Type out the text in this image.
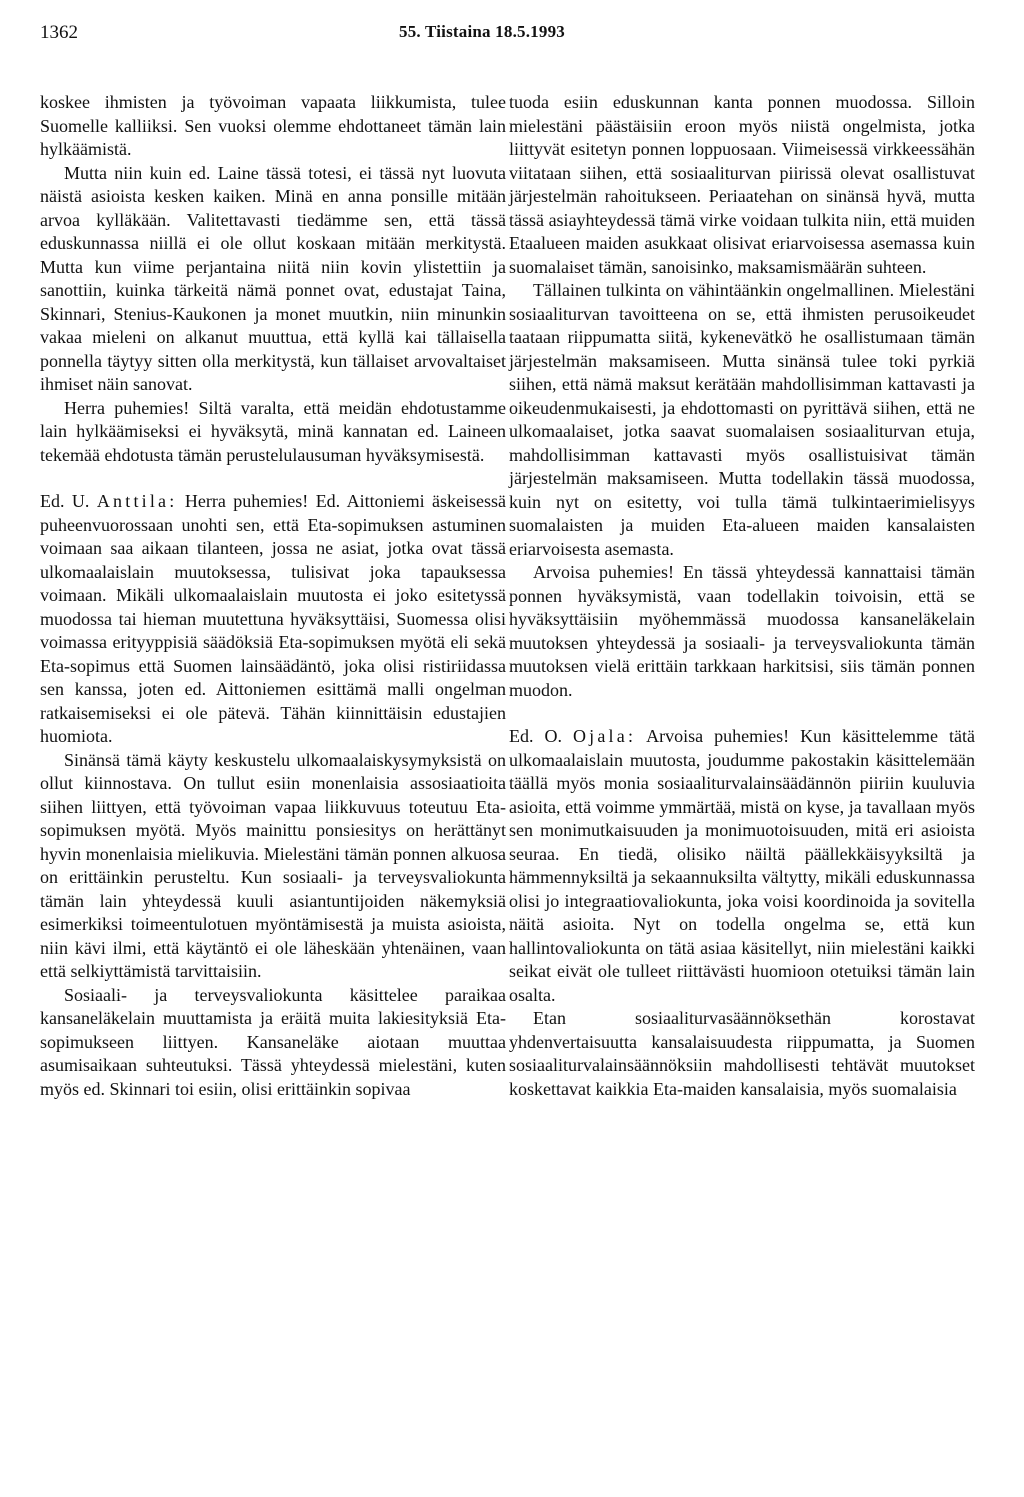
1362	55. Tiistaina 18.5.1993

koskee ihmisten ja työvoiman vapaata liikkumista, tulee Suomelle kalliiksi. Sen vuoksi olemme ehdottaneet tämän lain hylkäämistä.

Mutta niin kuin ed. Laine tässä totesi, ei tässä nyt luovuta näistä asioista kesken kaiken. Minä en anna ponsille mitään arvoa kylläkään. Valitettavasti tiedämme sen, että tässä eduskunnassa niillä ei ole ollut koskaan mitään merkitystä. Mutta kun viime perjantaina niitä niin kovin ylistettiin ja sanottiin, kuinka tärkeitä nämä ponnet ovat, edustajat Taina, Skinnari, Stenius-Kaukonen ja monet muutkin, niin minunkin vakaa mieleni on alkanut muuttua, että kyllä kai tällaisella ponnella täytyy sitten olla merkitystä, kun tällaiset arvovaltaiset ihmiset näin sanovat.

Herra puhemies! Siltä varalta, että meidän ehdotustamme lain hylkäämiseksi ei hyväksytä, minä kannatan ed. Laineen tekemää ehdotusta tämän perustelulausuman hyväksymisestä.

Ed. U. Anttila: Herra puhemies! Ed. Aittoniemi äskeisessä puheenvuorossaan unohti sen, että Eta-sopimuksen astuminen voimaan saa aikaan tilanteen, jossa ne asiat, jotka ovat tässä ulkomaalaislain muutoksessa, tulisivat joka tapauksessa voimaan. Mikäli ulkomaalaislain muutosta ei joko esitetyssä muodossa tai hieman muutettuna hyväksyttäisi, Suomessa olisi voimassa erityyppisiä säädöksiä Eta-sopimuksen myötä eli sekä Eta-sopimus että Suomen lainsäädäntö, joka olisi ristiriidassa sen kanssa, joten ed. Aittoniemen esittämä malli ongelman ratkaisemiseksi ei ole pätevä. Tähän kiinnittäisin edustajien huomiota.

Sinänsä tämä käyty keskustelu ulkomaalaiskysymyksistä on ollut kiinnostava. On tullut esiin monenlaisia assosiaatioita siihen liittyen, että työvoiman vapaa liikkuvuus toteutuu Eta-sopimuksen myötä. Myös mainittu ponsiesitys on herättänyt hyvin monenlaisia mielikuvia. Mielestäni tämän ponnen alkuosa on erittäinkin perusteltu. Kun sosiaali- ja terveysvaliokunta tämän lain yhteydessä kuuli asiantuntijoiden näkemyksiä esimerkiksi toimeentulotuen myöntämisestä ja muista asioista, niin kävi ilmi, että käytäntö ei ole läheskään yhtenäinen, vaan että selkiyttämistä tarvittaisiin.

Sosiaali- ja terveysvaliokunta käsittelee paraikaa kansaneläkelain muuttamista ja eräitä muita lakiesityksiä Eta-sopimukseen liittyen. Kansaneläke aiotaan muuttaa asumisaikaan suhteutuksi. Tässä yhteydessä mielestäni, kuten myös ed. Skinnari toi esiin, olisi erittäinkin sopivaa

tuoda esiin eduskunnan kanta ponnen muodossa. Silloin mielestäni päästäisiin eroon myös niistä ongelmista, jotka liittyvät esitetyn ponnen loppuosaan. Viimeisessä virkkeessähän viitataan siihen, että sosiaaliturvan piirissä olevat osallistuvat järjestelmän rahoitukseen. Periaatehan on sinänsä hyvä, mutta tässä asiayhteydessä tämä virke voidaan tulkita niin, että muiden Etaalueen maiden asukkaat olisivat eriarvoisessa asemassa kuin suomalaiset tämän, sanoisinko, maksamismäärän suhteen.

Tällainen tulkinta on vähintäänkin ongelmallinen. Mielestäni sosiaaliturvan tavoitteena on se, että ihmisten perusoikeudet taataan riippumatta siitä, kykenevätkö he osallistumaan tämän järjestelmän maksamiseen. Mutta sinänsä tulee toki pyrkiä siihen, että nämä maksut kerätään mahdollisimman kattavasti ja oikeudenmukaisesti, ja ehdottomasti on pyrittävä siihen, että ne ulkomaalaiset, jotka saavat suomalaisen sosiaaliturvan etuja, mahdollisimman kattavasti myös osallistuisivat tämän järjestelmän maksamiseen. Mutta todellakin tässä muodossa, kuin nyt on esitetty, voi tulla tämä tulkintaerimielisyys suomalaisten ja muiden Eta-alueen maiden kansalaisten eriarvoisesta asemasta.

Arvoisa puhemies! En tässä yhteydessä kannattaisi tämän ponnen hyväksymistä, vaan todellakin toivoisin, että se hyväksyttäisiin myöhemmässä muodossa kansaneläkelain muutoksen yhteydessä ja sosiaali- ja terveysvaliokunta tämän muutoksen vielä erittäin tarkkaan harkitsisi, siis tämän ponnen muodon.

Ed. O. Ojala: Arvoisa puhemies! Kun käsittelemme tätä ulkomaalaislain muutosta, joudumme pakostakin käsittelemään täällä myös monia sosiaaliturvalainsäädännön piiriin kuuluvia asioita, että voimme ymmärtää, mistä on kyse, ja tavallaan myös sen monimutkaisuuden ja monimuotoisuuden, mitä eri asioista seuraa. En tiedä, olisiko näiltä päällekkäisyyksiltä ja hämmennyksiltä ja sekaannuksilta vältytty, mikäli eduskunnassa olisi jo integraatiovaliokunta, joka voisi koordinoida ja sovitella näitä asioita. Nyt on todella ongelma se, että kun hallintovaliokunta on tätä asiaa käsitellyt, niin mielestäni kaikki seikat eivät ole tulleet riittävästi huomioon otetuiksi tämän lain osalta.

Etan sosiaaliturvasäännöksethän korostavat yhdenvertaisuutta kansalaisuudesta riippumatta, ja Suomen sosiaaliturvalainsäännöksiin mahdollisesti tehtävät muutokset koskettavat kaikkia Eta-maiden kansalaisia, myös suomalaisia
